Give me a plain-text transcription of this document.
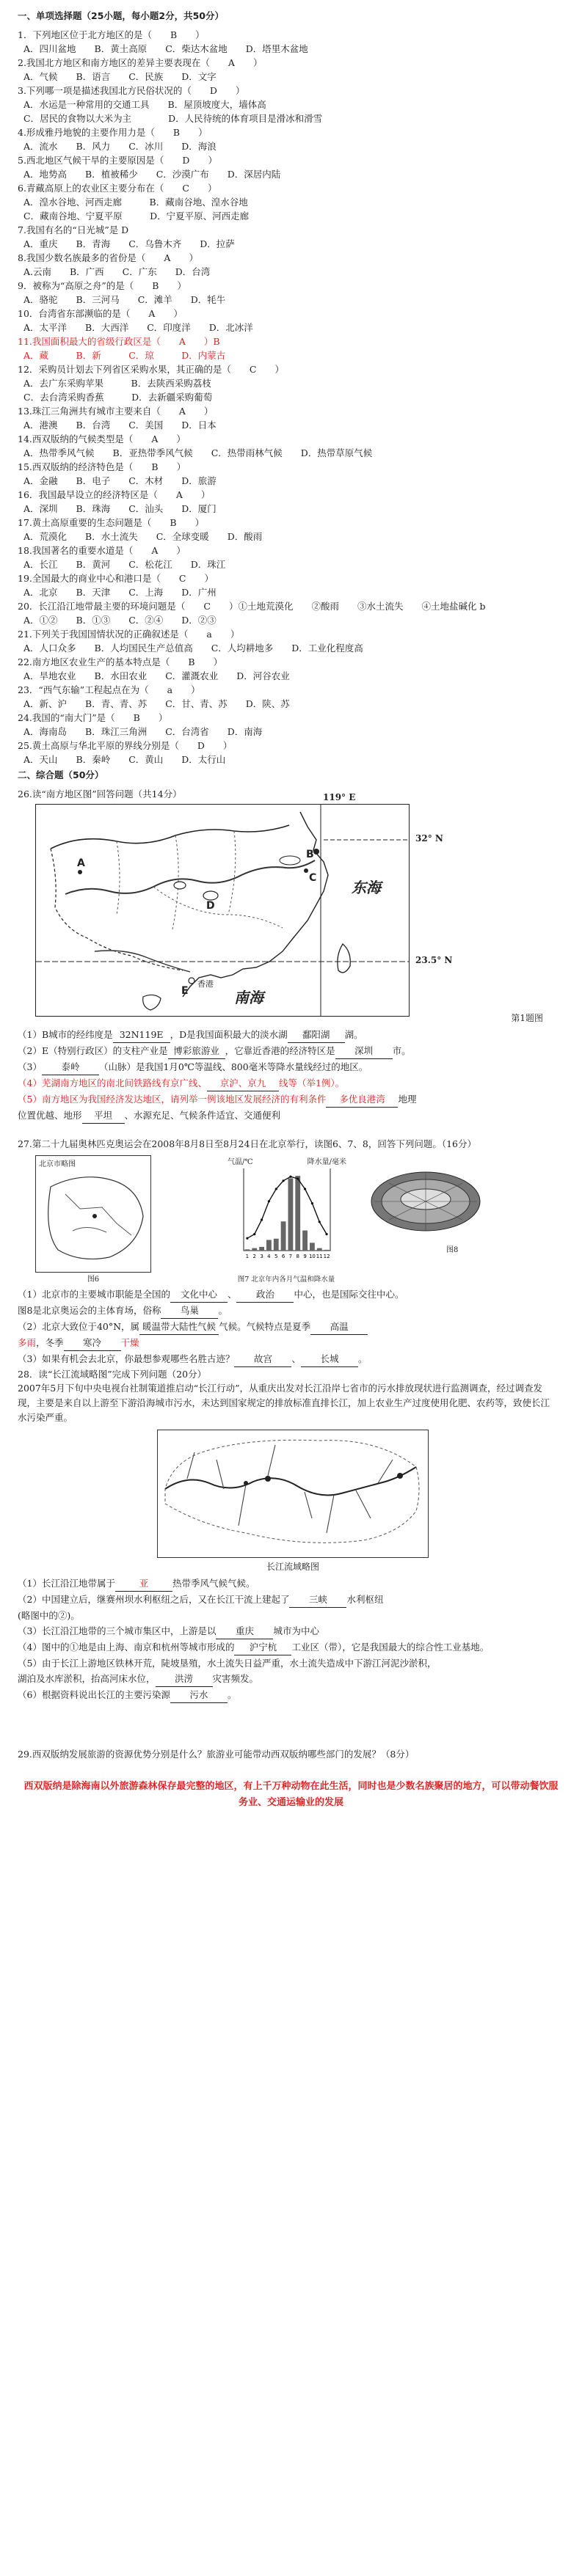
一、单项选择题（25小题，每小题2分，共50分）
1．下列地区位于北方地区的是（　　B　　）
A．四川盆地　　B．黄土高原　　C．柴达木盆地　　D．塔里木盆地
2.我国北方地区和南方地区的差异主要表现在（　　A　　）
A．气候　　B．语言　　C．民族　　D．文字
3.下列哪一项是描述我国北方民俗状况的（　　D　　）
A．水运是一种常用的交通工具　　B．屋顶坡度大，墙体高
C．居民的食物以大米为主　　　　D．人民待统的体育项目是滑冰和滑雪
4.形成雅丹地貌的主要作用力是（　　B　　）
A．流水　　B．风力　　C．冰川　　D．海浪
5.西北地区气候干旱的主要原因是（　　D　　）
A．地势高　　B．植被稀少　　C．沙漠广布　　D．深居内陆
6.青藏高原上的农业区主要分布在（　　C　　）
A．湟水谷地、河西走廊　　　B．藏南谷地、湟水谷地
C．藏南谷地、宁夏平原　　　D．宁夏平原、河西走廊
7.我国有名的“日光城”是 D
A．重庆　　B．青海　　C．乌鲁木齐　　D．拉萨
8.我国少数名族最多的省份是（　　A　　）
A.云南　　B．广西　　C．广东　　D．台湾
9．被称为“高原之舟”的是（　　B　　）
A．骆驼　　B．三河马　　C．滩羊　　D．牦牛
10．台湾省东部濒临的是（　　A　　）
A．太平洋　　B．大西洋　　C．印度洋　　D．北冰洋
11.我国面积最大的省级行政区是（　　A　　）B
A．藏　　　B．新　　　C．琼　　　D．内蒙古
12．采购员计划去下列省区采购水果，其正确的是（　　C　　）
A．去广东采购苹果　　　B．去陕西采购荔枝
C．去台湾采购香蕉　　　D．去新疆采购葡萄
13.珠江三角洲共有城市主要来自（　　A　　）
A．港澳　　B．台湾　　C．美国　　D．日本
14.西双版纳的气候类型是（　　A　　）
A．热带季风气候　　B．亚热带季风气候　　C．热带雨林气候　　D．热带草原气候
15.西双版纳的经济特色是（　　B　　）
A．金融　　B．电子　　C．木材　　D．旅游
16．我国最早设立的经济特区是（　　A　　）
A．深圳　　B．珠海　　C．汕头　　D．厦门
17.黄土高原重要的生态问题是（　　B　　）
A．荒漠化　　B．水土流失　　C．全球变暖　　D．酸雨
18.我国著名的重要水道是（　　A　　）
A．长江　　B．黄河　　C．松花江　　D．珠江
19.全国最大的商业中心和港口是（　　C　　）
A．北京　　B．天津　　C．上海　　D．广州
20．长江沿江地带最主要的环境问题是（　　C　　）①土地荒漠化　　②酸雨　　③水土流失　　④土地盐碱化 b
A．①②　　B．①③　　C．②④　　D．②③
21.下列关于我国国情状况的正确叙述是（　　a　　）
A．人口众多　　B．人均国民生产总值高　　C．人均耕地多　　D．工业化程度高
22.南方地区农业生产的基本特点是（　　B　　）
A．旱地农业　　B．水田农业　　C．灌溉农业　　D．河谷农业
23．“西气东输”工程起点在为（　　a　　）
A．新、沪　　B．青、青、苏　　C．甘、青、苏　　D．陕、苏
24.我国的“南大门”是（　　B　　）
A．海南岛　　B．珠江三角洲　　C．台湾省　　D．南海
25.黄土高原与华北平原的界线分别是（　　D　　）
A．天山　　B．秦岭　　C．黄山　　D．太行山
二、综合题（50分）
26.读“南方地区图”回答问题（共14分）
A
B
C
D
E
香港
东海
南海
119° E
32° N
23.5° N
第1题图
（1）B城市的经纬度是 32N119E ，D是我国面积最大的淡水湖 鄱阳湖 湖。
（2）E（特别行政区）的支柱产业是 博彩旅游业 ，它靠近香港的经济特区是 深圳 市。
（3） 泰岭 （山脉）是我国1月0℃等温线、800毫米等降水量线经过的地区。
（4）芜湖南方地区的南北间铁路线有京广线、 京沪、京九 线等（举1例）。
（5）南方地区为我国经济发达地区，请列举一例该地区发展经济的有利条件 多优良港湾 地理
位置优越、地形 平坦 、水源充足、气候条件适宜、交通便利
27.第二十九届奥林匹克奥运会在2008年8月8日至8月24日在北京举行，读图6、7、8，回答下列问题。（16分）
北京市略图
图6
气温/℃	降水量/毫米
1 2 3 4 5 6 7 8 9 10 11 12
图7 北京年内各月气温和降水量
图8
（1）北京市的主要城市职能是全国的 文化中心 、 政治 中心，也是国际交往中心。
图8是北京奥运会的主体育场，俗称 鸟巢 。
（2）北京大致位于40°N，属 暖温带大陆性气候 气候。气候特点是夏季 高温
多雨，冬季 寒冷 干燥
（3）如果有机会去北京，你最想参观哪些名胜古迹？ 故宫 、 长城 。
28．读“长江流域略图”完成下列问题（20分）
2007年5月下旬中央电视台社制策道推启动“长江行动”，从重庆出发对长江沿岸七省市的污水排放现状进行监测调查，经过调查发现，主要是来自以上游至下游沿海城市污水，未达到国家规定的排放标准直排长江，加上农业生产过度使用化肥、农药等，致使长江水污染严重。
长江流域略图
（1）长江沿江地带属于	亚	热带季风气候气候。
（2）中国建立后，继赛州坝水利枢纽之后，又在长江干流上建起了 三峡 水利枢纽
(略图中的②)。
（3）长江沿江地带的三个城市集区中，上游是以 重庆 城市为中心
（4）图中的①地是由上海、南京和杭州等城市形成的 沪宁杭 工业区（带），它是我国最大的综合性工业基地。
（5）由于长江上游地区铁林开荒，陡坡垦殖，水土流失日益严重，水土流失造成中下游江河泥沙淤积，
湖泊及水库淤积，抬高河床水位， 洪涝 灾害频发。
（6）根据资料说出长江的主要污染源 污水 。
29.西双版纳发展旅游的资源优势分别是什么？旅游业可能带动西双版纳哪些部门的发展？（8分）
西双版纳是除海南以外旅游森林保存最完整的地区，有上千万种动物在此生活，同时也是少数名族聚居的地方，可以带动餐饮服务业、交通运输业的发展
